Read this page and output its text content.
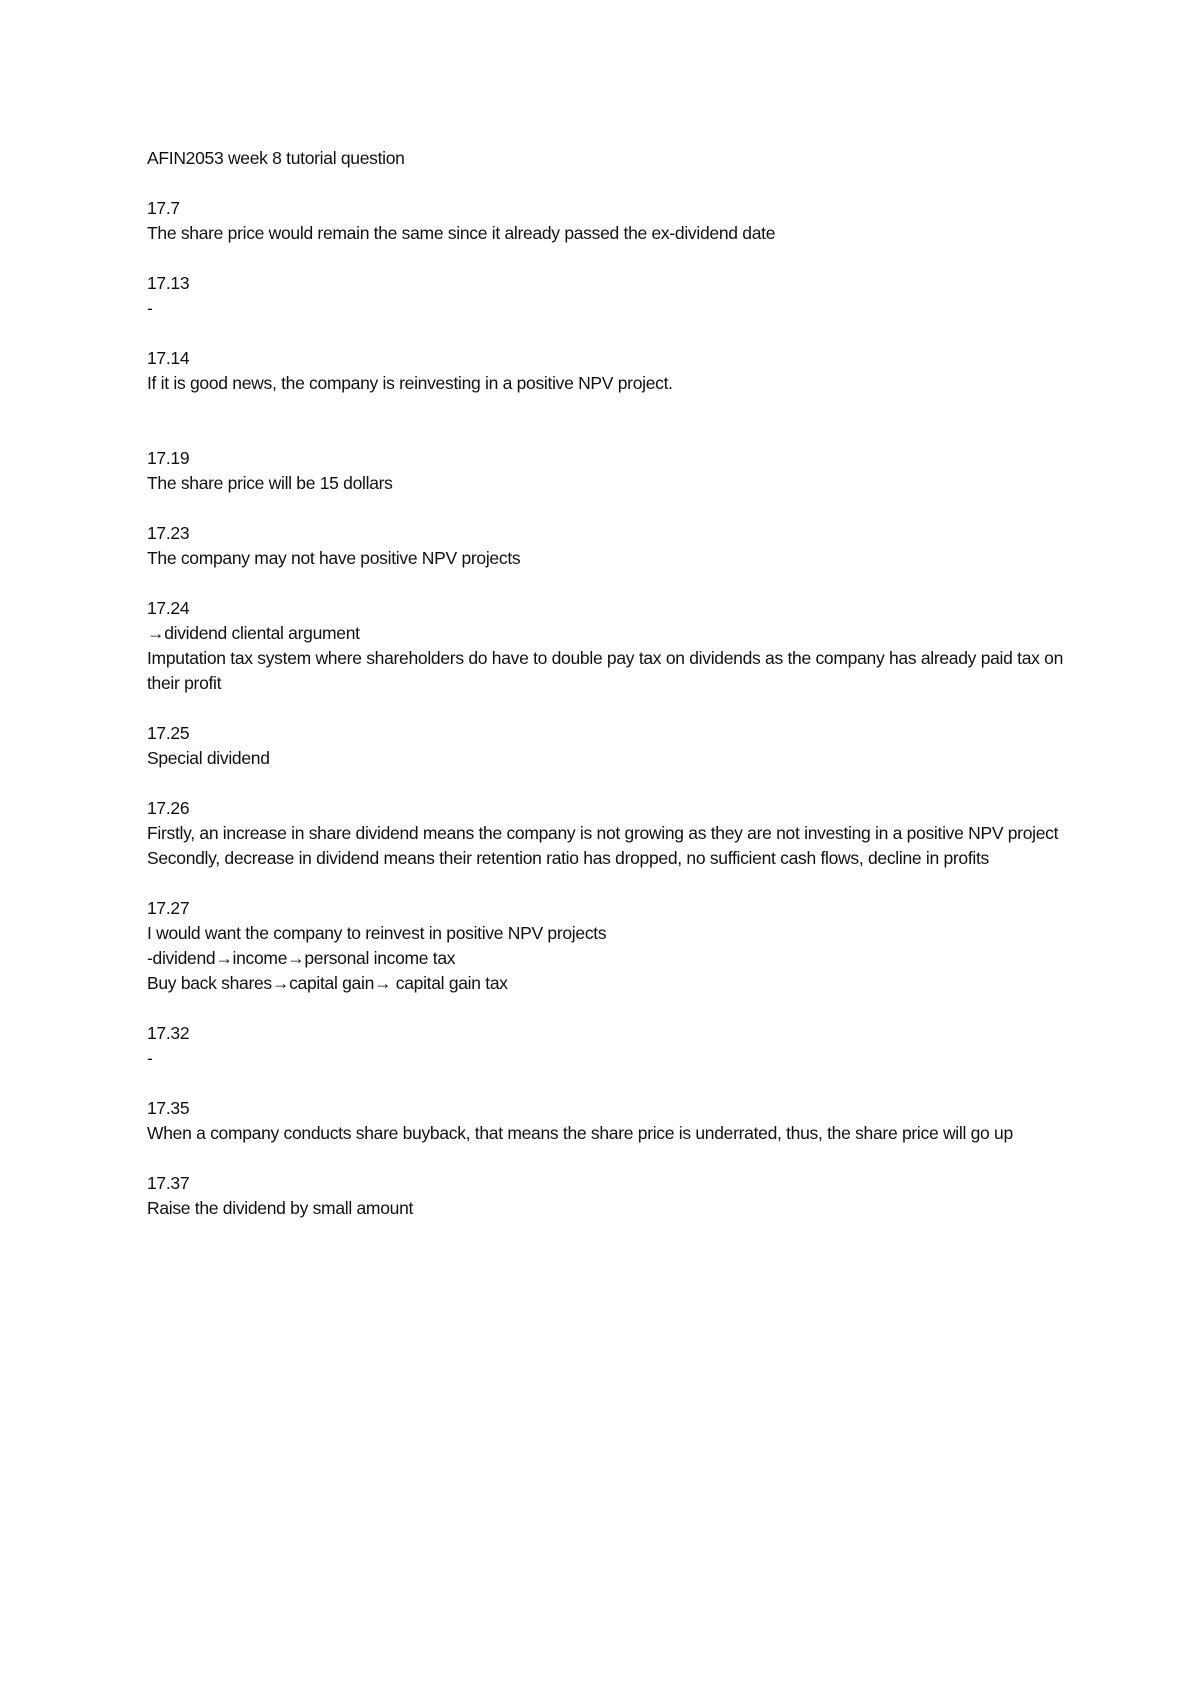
AFIN2053 week 8 tutorial question

17.7
The share price would remain the same since it already passed the ex-dividend date
17.13
-
17.14
If it is good news, the company is reinvesting in a positive NPV project.
17.19
The share price will be 15 dollars
17.23
The company may not have positive NPV projects
17.24
→dividend cliental argument
Imputation tax system where shareholders do have to double pay tax on dividends as the company has already paid tax on their profit
17.25
Special dividend
17.26
Firstly, an increase in share dividend means the company is not growing as they are not investing in a positive NPV project
Secondly, decrease in dividend means their retention ratio has dropped, no sufficient cash flows, decline in profits
17.27
I would want the company to reinvest in positive NPV projects
-dividend→income→personal income tax
Buy back shares→capital gain→ capital gain tax
17.32
-
17.35
When a company conducts share buyback, that means the share price is underrated, thus, the share price will go up
17.37
Raise the dividend by small amount
